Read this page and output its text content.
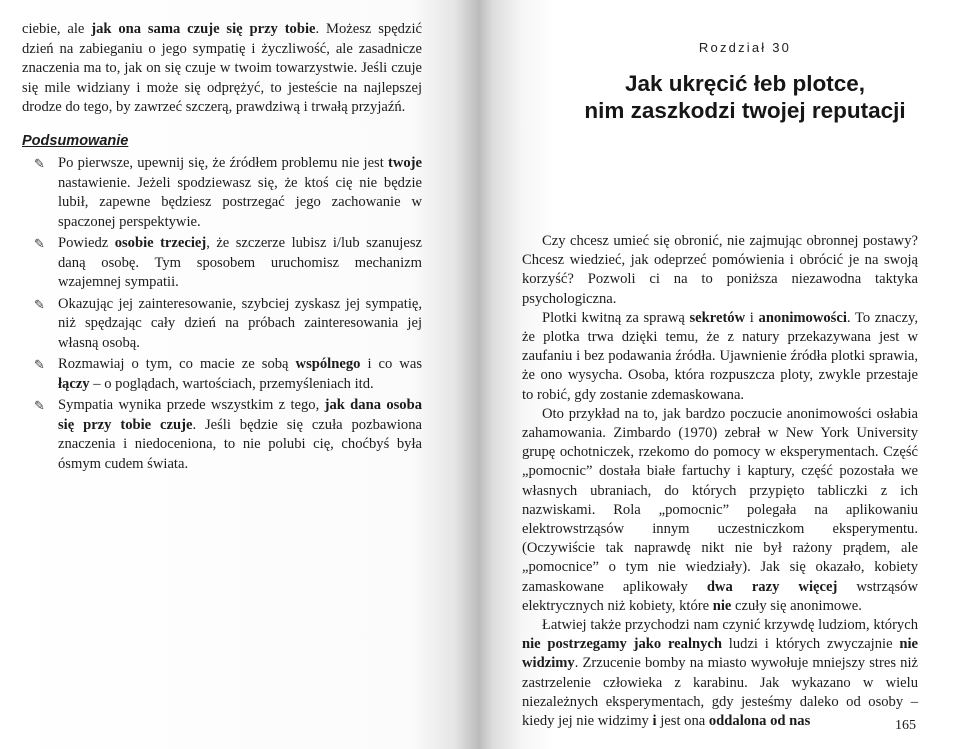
ciebie, ale jak ona sama czuje się przy tobie. Możesz spędzić dzień na zabieganiu o jego sympatię i życzliwość, ale zasadnicze znaczenia ma to, jak on się czuje w twoim towarzystwie. Jeśli czuje się mile widziany i może się odprężyć, to jesteście na najlepszej drodze do tego, by zawrzeć szczerą, prawdziwą i trwałą przyjaźń.

Podsumowanie
✎ Po pierwsze, upewnij się, że źródłem problemu nie jest twoje nastawienie. Jeżeli spodziewasz się, że ktoś cię nie będzie lubił, zapewne będziesz postrzegać jego zachowanie w spaczonej perspektywie.
✎ Powiedz osobie trzeciej, że szczerze lubisz i/lub szanujesz daną osobę. Tym sposobem uruchomisz mechanizm wzajemnej sympatii.
✎ Okazując jej zainteresowanie, szybciej zyskasz jej sympatię, niż spędzając cały dzień na próbach zainteresowania jej własną osobą.
✎ Rozmawiaj o tym, co macie ze sobą wspólnego i co was łączy – o poglądach, wartościach, przemyśleniach itd.
✎ Sympatia wynika przede wszystkim z tego, jak dana osoba się przy tobie czuje. Jeśli będzie się czuła pozbawiona znaczenia i niedoceniona, to nie polubi cię, choćbyś była ósmym cudem świata.
Rozdział 30
Jak ukręcić łeb plotce,
nim zaszkodzi twojej reputacji

Czy chcesz umieć się obronić, nie zajmując obronnej postawy? Chcesz wiedzieć, jak odeprzeć pomówienia i obrócić je na swoją korzyść? Pozwoli ci na to poniższa niezawodna taktyka psychologiczna.

Plotki kwitną za sprawą sekretów i anonimowości. To znaczy, że plotka trwa dzięki temu, że z natury przekazywana jest w zaufaniu i bez podawania źródła. Ujawnienie źródła plotki sprawia, że ono wysycha. Osoba, która rozpuszcza ploty, zwykle przestaje to robić, gdy zostanie zdemaskowana.

Oto przykład na to, jak bardzo poczucie anonimowości osłabia zahamowania. Zimbardo (1970) zebrał w New York University grupę ochotniczek, rzekomo do pomocy w eksperymentach. Część „pomocnic” dostała białe fartuchy i kaptury, część pozostała we własnych ubraniach, do których przypięto tabliczki z ich nazwiskami. Rola „pomocnic” polegała na aplikowaniu elektrowstrząsów innym uczestniczkom eksperymentu. (Oczywiście tak naprawdę nikt nie był rażony prądem, ale „pomocnice” o tym nie wiedziały). Jak się okazało, kobiety zamaskowane aplikowały dwa razy więcej wstrząsów elektrycznych niż kobiety, które nie czuły się anonimowe.

Łatwiej także przychodzi nam czynić krzywdę ludziom, których nie postrzegamy jako realnych ludzi i których zwyczajnie nie widzimy. Zrzucenie bomby na miasto wywołuje mniejszy stres niż zastrzelenie człowieka z karabinu. Jak wykazano w wielu niezależnych eksperymentach, gdy jesteśmy daleko od osoby – kiedy jej nie widzimy i jest ona oddalona od nas	165
